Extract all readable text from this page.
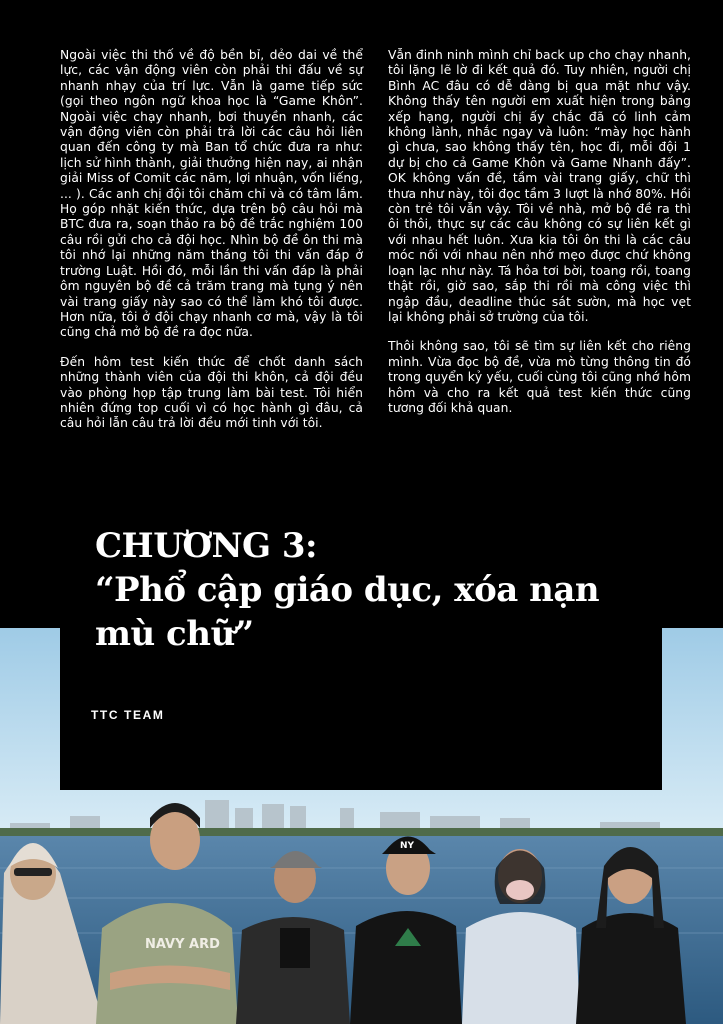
Ngoài việc thi thố về độ bền bỉ, dẻo dai về thể lực, các vận động viên còn phải thi đấu về sự nhanh nhạy của trí lực. Vẫn là game tiếp sức (gọi theo ngôn ngữ khoa học là “Game Khôn”. Ngoài việc chạy nhanh, bơi thuyền nhanh, các vận động viên còn phải trả lời các câu hỏi liên quan đến công ty mà Ban tổ chức đưa ra như: lịch sử hình thành, giải thưởng hiện nay, ai nhận giải Miss of Comit các năm, lợi nhuận, vốn liếng, ... ). Các anh chị đội tôi chăm chỉ và có tâm lắm. Họ góp nhặt kiến thức, dựa trên bộ câu hỏi mà BTC đưa ra, soạn thảo ra bộ đề trắc nghiệm 100 câu rồi gửi cho cả đội học. Nhìn bộ đề ôn thi mà tôi nhớ lại những năm tháng tôi thi vấn đáp ở trường Luật. Hồi đó, mỗi lần thi vấn đáp là phải ôm nguyên bộ đề cả trăm trang mà tụng ý nên vài trang giấy này sao có thể làm khó tôi được. Hơn nữa, tôi ở đội chạy nhanh cơ mà, vậy là tôi cũng chả mở bộ đề ra đọc nữa.

Đến hôm test kiến thức để chốt danh sách những thành viên của đội thi khôn, cả đội đều vào phòng họp tập trung làm bài test. Tôi hiển nhiên đứng top cuối vì có học hành gì đâu, cả câu hỏi lẫn câu trả lời đều mới tinh với tôi.

Vẫn đinh ninh mình chỉ back up cho chạy nhanh, tôi lặng lẽ lờ đi kết quả đó. Tuy nhiên, người chị Bình AC đâu có dễ dàng bị qua mặt như vậy. Không thấy tên người em xuất hiện trong bảng xếp hạng, người chị ấy chắc đã có linh cảm không lành, nhắc ngay và luôn: “mày học hành gì chưa, sao không thấy tên, học đi, mỗi đội 1 dự bị cho cả Game Khôn và Game Nhanh đấy”. OK không vấn đề, tầm vài trang giấy, chữ thì thưa như này, tôi đọc tầm 3 lượt là nhớ 80%. Hồi còn trẻ tôi vẫn vậy. Tôi về nhà, mở bộ đề ra thì ôi thôi, thực sự các câu không có sự liên kết gì với nhau hết luôn. Xưa kia tôi ôn thi là các câu móc nối với nhau nên nhớ mẹo được chứ không loạn lạc như này. Tá hỏa tơi bời, toang rồi, toang thật rồi, giờ sao, sắp thi rồi mà công việc thì ngập đầu, deadline thúc sát sườn, mà học vẹt lại không phải sở trường của tôi.

Thôi không sao, tôi sẽ tìm sự liên kết cho riêng mình. Vừa đọc bộ đề, vừa mò từng thông tin đó trong quyển kỷ yếu, cuối cùng tôi cũng nhớ hôm hôm và cho ra kết quả test kiến thức cũng tương đối khả quan.

NAVY ARD
NY
CHƯƠNG 3:
“Phổ cập giáo dục, xóa nạn mù chữ”
TTC TEAM
